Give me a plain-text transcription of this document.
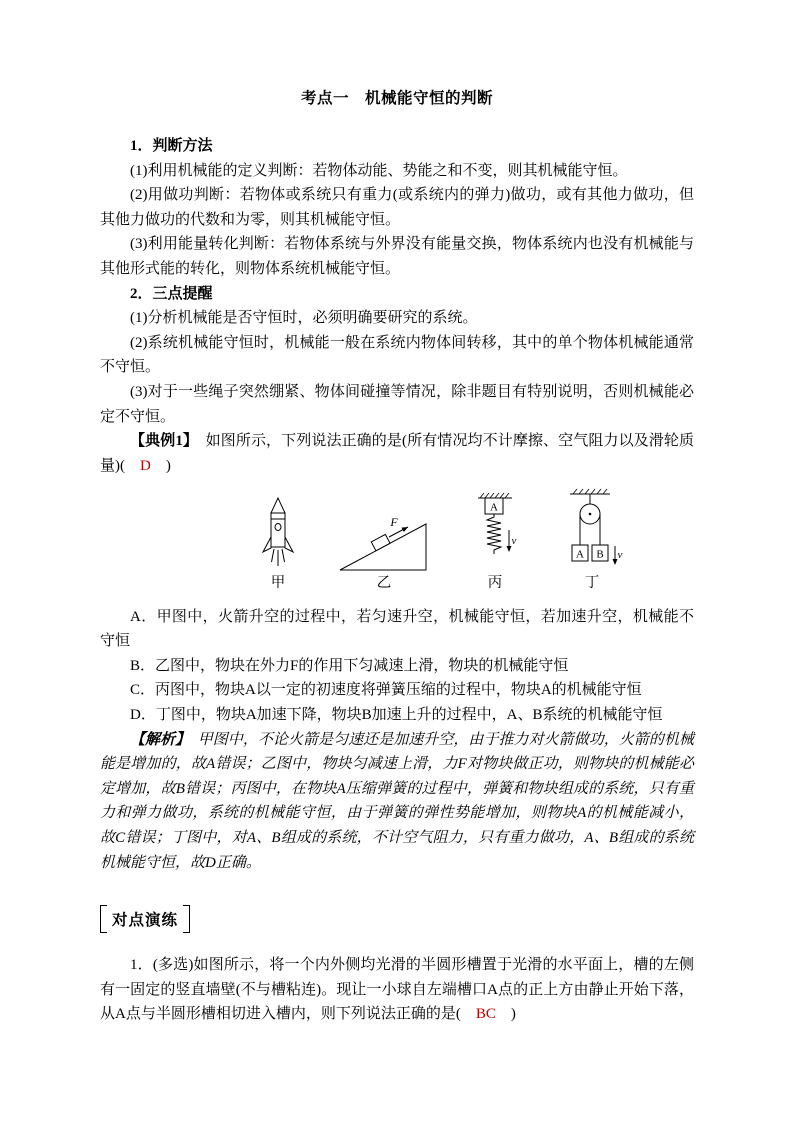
考点一　机械能守恒的判断

1．判断方法

(1)利用机械能的定义判断：若物体动能、势能之和不变，则其机械能守恒。

(2)用做功判断：若物体或系统只有重力(或系统内的弹力)做功，或有其他力做功，但其他力做功的代数和为零，则其机械能守恒。

(3)利用能量转化判断：若物体系统与外界没有能量交换，物体系统内也没有机械能与其他形式能的转化，则物体系统机械能守恒。

2．三点提醒

(1)分析机械能是否守恒时，必须明确要研究的系统。

(2)系统机械能守恒时，机械能一般在系统内物体间转移，其中的单个物体机械能通常不守恒。

(3)对于一些绳子突然绷紧、物体间碰撞等情况，除非题目有特别说明，否则机械能必定不守恒。

【典例1】　如图所示，下列说法正确的是(所有情况均不计摩擦、空气阻力以及滑轮质量)(　D　)

甲
F
乙
A
v
丙
A B v
丁

A．甲图中，火箭升空的过程中，若匀速升空，机械能守恒，若加速升空，机械能不守恒

B．乙图中，物块在外力F的作用下匀减速上滑，物块的机械能守恒

C．丙图中，物块A以一定的初速度将弹簧压缩的过程中，物块A的机械能守恒

D．丁图中，物块A加速下降，物块B加速上升的过程中，A、B系统的机械能守恒

【解析】　甲图中，不论火箭是匀速还是加速升空，由于推力对火箭做功，火箭的机械能是增加的，故A错误；乙图中，物块匀减速上滑，力F对物块做正功，则物块的机械能必定增加，故B错误；丙图中，在物块A压缩弹簧的过程中，弹簧和物块组成的系统，只有重力和弹力做功，系统的机械能守恒，由于弹簧的弹性势能增加，则物块A的机械能减小，故C错误；丁图中，对A、B组成的系统，不计空气阻力，只有重力做功，A、B组成的系统机械能守恒，故D正确。

对点演练

1．(多选)如图所示，将一个内外侧均光滑的半圆形槽置于光滑的水平面上，槽的左侧有一固定的竖直墙壁(不与槽粘连)。现让一小球自左端槽口A点的正上方由静止开始下落，从A点与半圆形槽相切进入槽内，则下列说法正确的是(　BC　)
